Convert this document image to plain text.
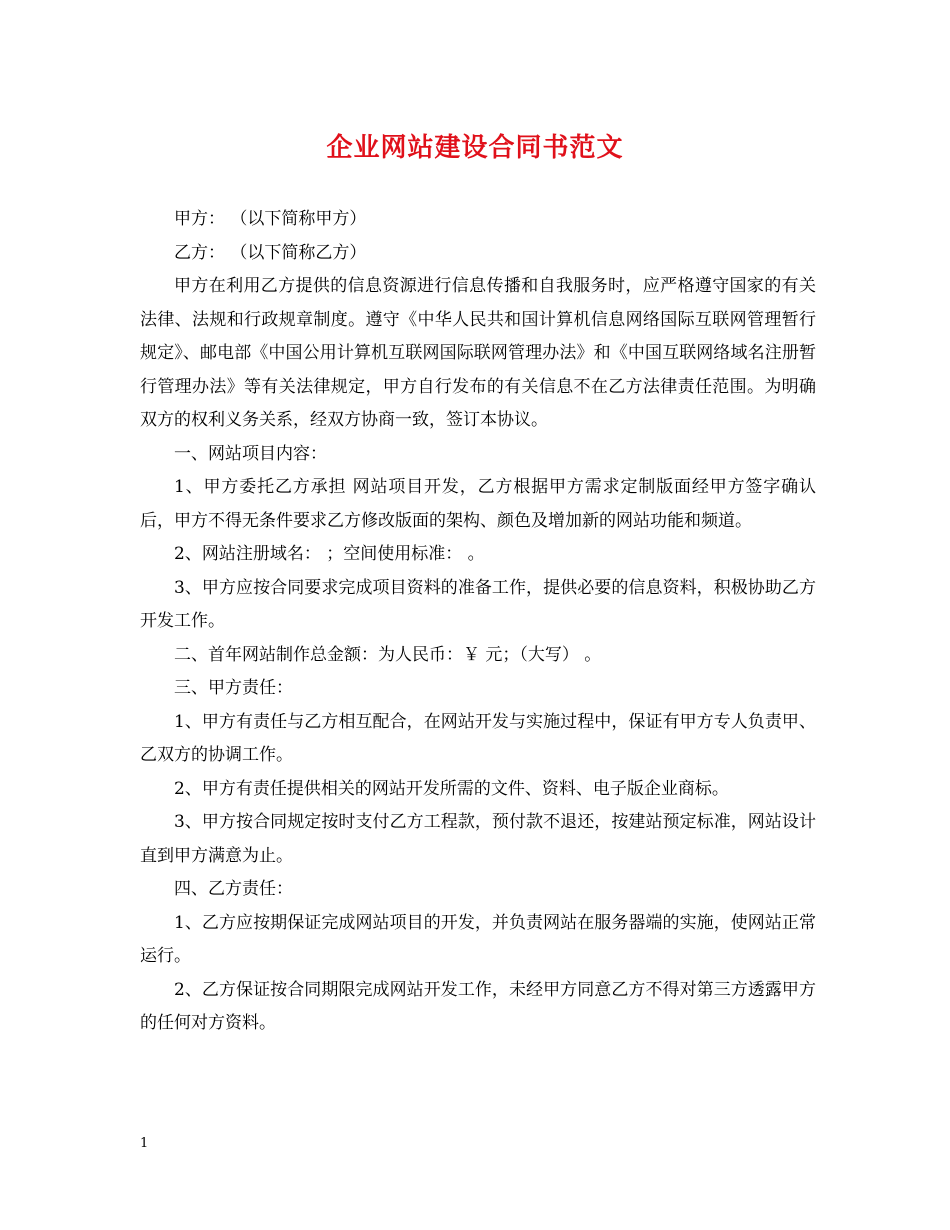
企业网站建设合同书范文

甲方： （以下简称甲方）

乙方： （以下简称乙方）

甲方在利用乙方提供的信息资源进行信息传播和自我服务时，应严格遵守国家的有关法律、法规和行政规章制度。遵守《中华人民共和国计算机信息网络国际互联网管理暂行规定》、邮电部《中国公用计算机互联网国际联网管理办法》和《中国互联网络域名注册暂行管理办法》等有关法律规定，甲方自行发布的有关信息不在乙方法律责任范围。为明确双方的权利义务关系，经双方协商一致，签订本协议。

一、网站项目内容：

1、甲方委托乙方承担 网站项目开发，乙方根据甲方需求定制版面经甲方签字确认后，甲方不得无条件要求乙方修改版面的架构、颜色及增加新的网站功能和频道。

2、网站注册域名： ；空间使用标准： 。

3、甲方应按合同要求完成项目资料的准备工作，提供必要的信息资料，积极协助乙方开发工作。

二、首年网站制作总金额：为人民币：￥ 元；（大写） 。

三、甲方责任：

1、甲方有责任与乙方相互配合，在网站开发与实施过程中，保证有甲方专人负责甲、乙双方的协调工作。

2、甲方有责任提供相关的网站开发所需的文件、资料、电子版企业商标。

3、甲方按合同规定按时支付乙方工程款，预付款不退还，按建站预定标准，网站设计直到甲方满意为止。

四、乙方责任：

1、乙方应按期保证完成网站项目的开发，并负责网站在服务器端的实施，使网站正常运行。

2、乙方保证按合同期限完成网站开发工作，未经甲方同意乙方不得对第三方透露甲方的任何对方资料。

1
